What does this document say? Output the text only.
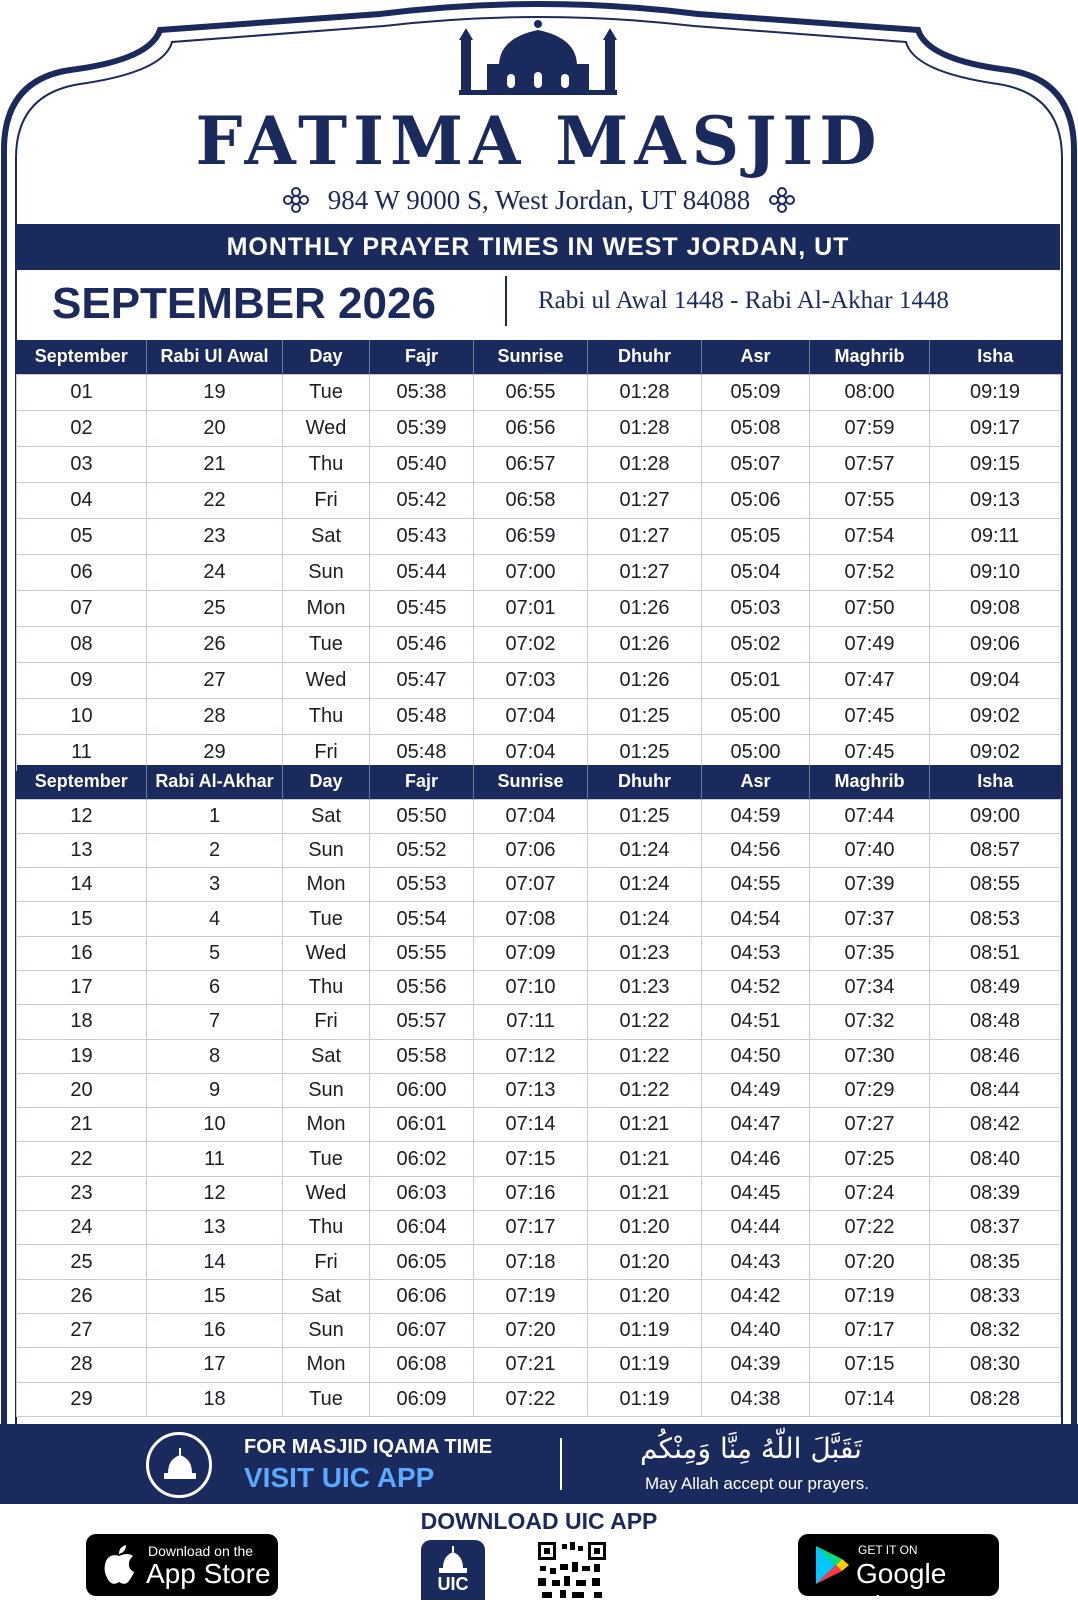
FATIMA MASJID
984 W 9000 S, West Jordan, UT 84088
MONTHLY PRAYER TIMES IN WEST JORDAN, UT
SEPTEMBER 2026	Rabi ul Awal 1448 - Rabi Al-Akhar 1448
September	Rabi Ul Awal	Day	Fajr	Sunrise	Dhuhr	Asr	Maghrib	Isha
01	19	Tue	05:38	06:55	01:28	05:09	08:00	09:19
02	20	Wed	05:39	06:56	01:28	05:08	07:59	09:17
03	21	Thu	05:40	06:57	01:28	05:07	07:57	09:15
04	22	Fri	05:42	06:58	01:27	05:06	07:55	09:13
05	23	Sat	05:43	06:59	01:27	05:05	07:54	09:11
06	24	Sun	05:44	07:00	01:27	05:04	07:52	09:10
07	25	Mon	05:45	07:01	01:26	05:03	07:50	09:08
08	26	Tue	05:46	07:02	01:26	05:02	07:49	09:06
09	27	Wed	05:47	07:03	01:26	05:01	07:47	09:04
10	28	Thu	05:48	07:04	01:25	05:00	07:45	09:02
11	29	Fri	05:48	07:04	01:25	05:00	07:45	09:02
September	Rabi Al-Akhar	Day	Fajr	Sunrise	Dhuhr	Asr	Maghrib	Isha
12	1	Sat	05:50	07:04	01:25	04:59	07:44	09:00
13	2	Sun	05:52	07:06	01:24	04:56	07:40	08:57
14	3	Mon	05:53	07:07	01:24	04:55	07:39	08:55
15	4	Tue	05:54	07:08	01:24	04:54	07:37	08:53
16	5	Wed	05:55	07:09	01:23	04:53	07:35	08:51
17	6	Thu	05:56	07:10	01:23	04:52	07:34	08:49
18	7	Fri	05:57	07:11	01:22	04:51	07:32	08:48
19	8	Sat	05:58	07:12	01:22	04:50	07:30	08:46
20	9	Sun	06:00	07:13	01:22	04:49	07:29	08:44
21	10	Mon	06:01	07:14	01:21	04:47	07:27	08:42
22	11	Tue	06:02	07:15	01:21	04:46	07:25	08:40
23	12	Wed	06:03	07:16	01:21	04:45	07:24	08:39
24	13	Thu	06:04	07:17	01:20	04:44	07:22	08:37
25	14	Fri	06:05	07:18	01:20	04:43	07:20	08:35
26	15	Sat	06:06	07:19	01:20	04:42	07:19	08:33
27	16	Sun	06:07	07:20	01:19	04:40	07:17	08:32
28	17	Mon	06:08	07:21	01:19	04:39	07:15	08:30
29	18	Tue	06:09	07:22	01:19	04:38	07:14	08:28
FOR MASJID IQAMA TIME
VISIT UIC APP
تَقَبَّلَ اللّهُ مِنَّا وَمِنْكُم
May Allah accept our prayers.
DOWNLOAD UIC APP
Download on the
App Store	UIC
GET IT ON
Google Play
